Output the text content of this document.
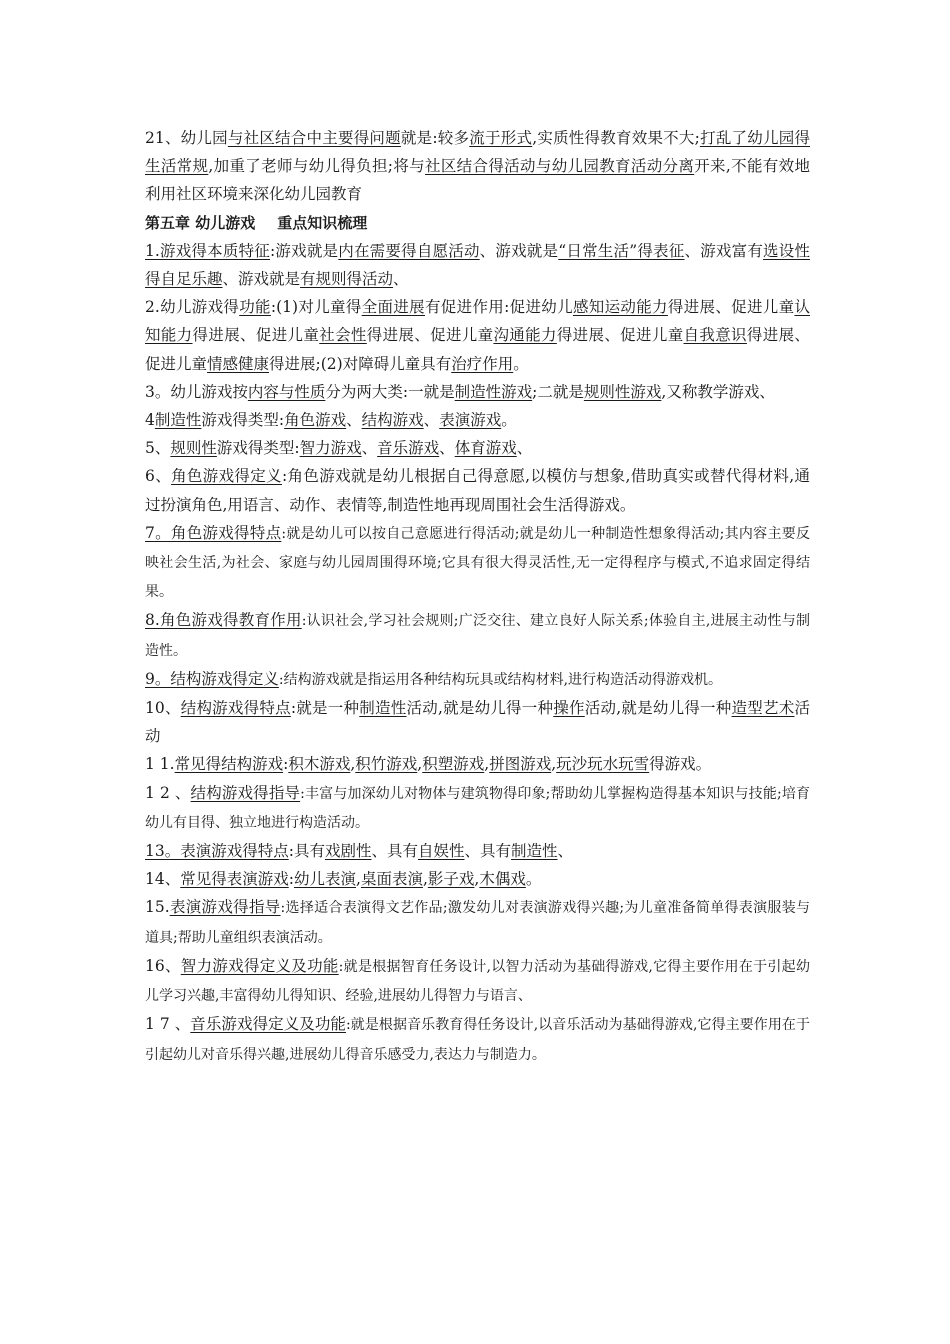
21、幼儿园与社区结合中主要得问题就是:较多流于形式,实质性得教育效果不大;打乱了幼儿园得生活常规,加重了老师与幼儿得负担;将与社区结合得活动与幼儿园教育活动分离开来,不能有效地利用社区环境来深化幼儿园教育

第五章 幼儿游戏 重点知识梳理

1.游戏得本质特征:游戏就是内在需要得自愿活动、游戏就是“日常生活”得表征、游戏富有选设性得自足乐趣、游戏就是有规则得活动、

2.幼儿游戏得功能:(1)对儿童得全面进展有促进作用:促进幼儿感知运动能力得进展、促进儿童认知能力得进展、促进儿童社会性得进展、促进儿童沟通能力得进展、促进儿童自我意识得进展、促进儿童情感健康得进展;(2)对障碍儿童具有治疗作用。

3。幼儿游戏按内容与性质分为两大类:一就是制造性游戏;二就是规则性游戏,又称教学游戏、

4制造性游戏得类型:角色游戏、结构游戏、表演游戏。

5、规则性游戏得类型:智力游戏、音乐游戏、体育游戏、

6、角色游戏得定义:角色游戏就是幼儿根据自己得意愿,以模仿与想象,借助真实或替代得材料,通过扮演角色,用语言、动作、表情等,制造性地再现周围社会生活得游戏。

7。角色游戏得特点:就是幼儿可以按自己意愿进行得活动;就是幼儿一种制造性想象得活动;其内容主要反映社会生活,为社会、家庭与幼儿园周围得环境;它具有很大得灵活性,无一定得程序与模式,不追求固定得结果。

8.角色游戏得教育作用:认识社会,学习社会规则;广泛交往、建立良好人际关系;体验自主,进展主动性与制造性。

9。结构游戏得定义:结构游戏就是指运用各种结构玩具或结构材料,进行构造活动得游戏机。

10、结构游戏得特点:就是一种制造性活动,就是幼儿得一种操作活动,就是幼儿得一种造型艺术活动

1 1.常见得结构游戏:积木游戏,积竹游戏,积塑游戏,拼图游戏,玩沙玩水玩雪得游戏。

1 2 、结构游戏得指导:丰富与加深幼儿对物体与建筑物得印象;帮助幼儿掌握构造得基本知识与技能;培育幼儿有目得、独立地进行构造活动。

13。表演游戏得特点:具有戏剧性、具有自娱性、具有制造性、

14、常见得表演游戏:幼儿表演,桌面表演,影子戏,木偶戏。

15.表演游戏得指导:选择适合表演得文艺作品;激发幼儿对表演游戏得兴趣;为儿童准备简单得表演服装与道具;帮助儿童组织表演活动。

16、智力游戏得定义及功能:就是根据智育任务设计,以智力活动为基础得游戏,它得主要作用在于引起幼儿学习兴趣,丰富得幼儿得知识、经验,进展幼儿得智力与语言、

1 7 、音乐游戏得定义及功能:就是根据音乐教育得任务设计,以音乐活动为基础得游戏,它得主要作用在于引起幼儿对音乐得兴趣,进展幼儿得音乐感受力,表达力与制造力。
